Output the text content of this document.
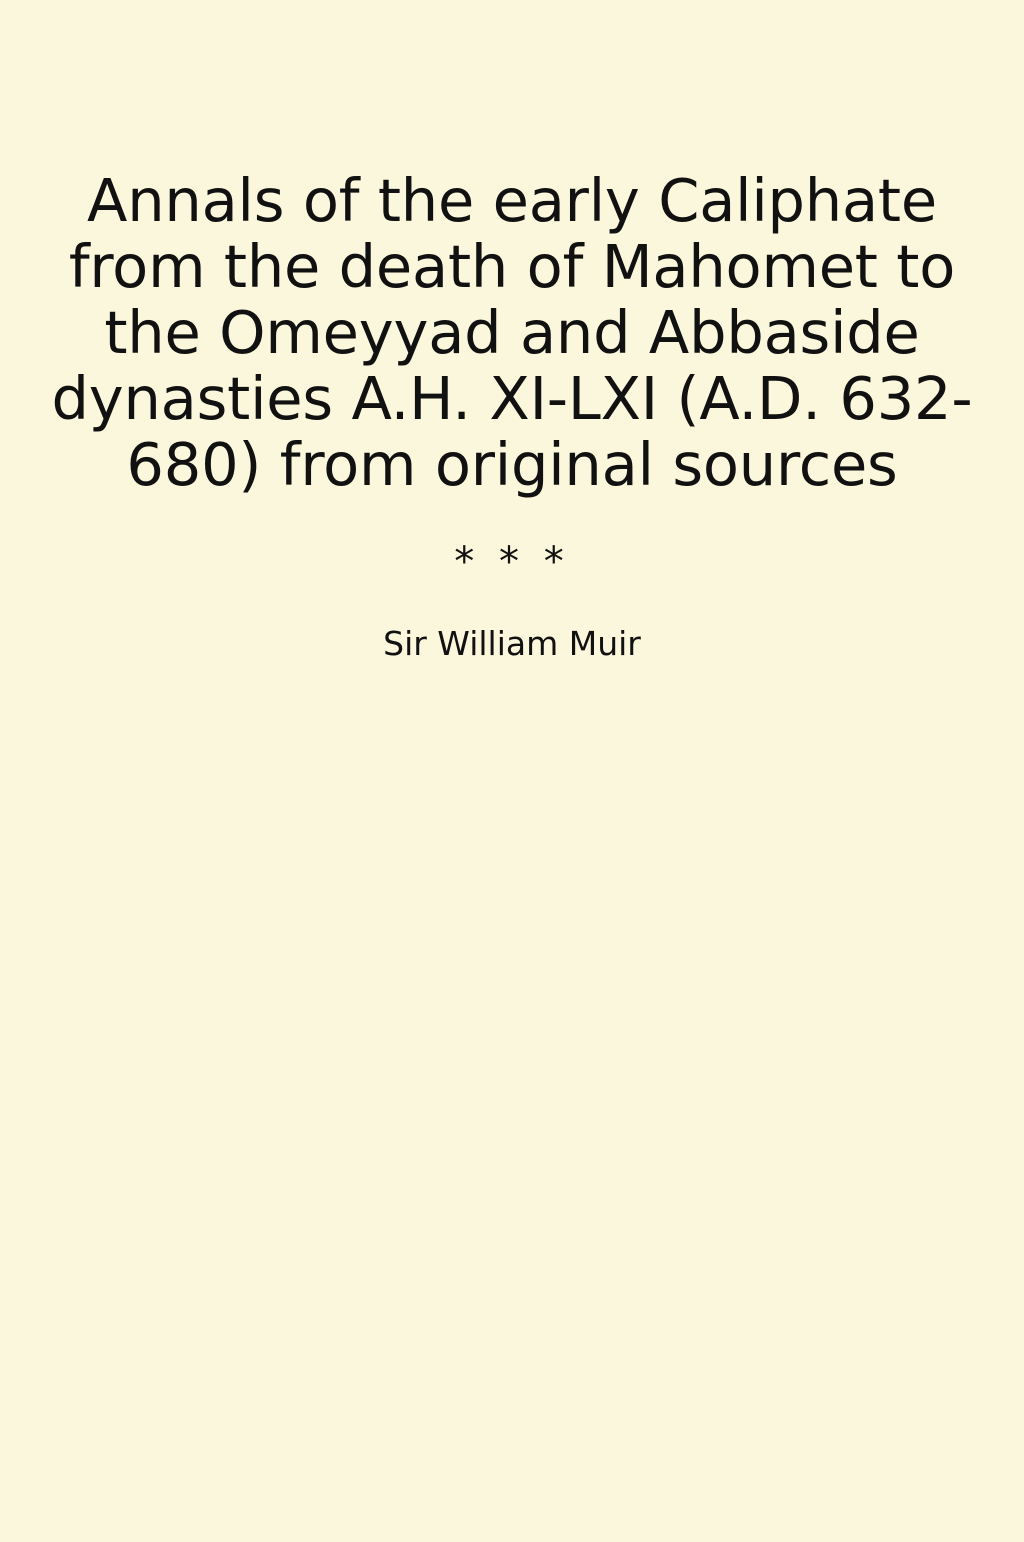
Annals of the early Caliphate from the death of Mahomet to the Omeyyad and Abbaside dynasties A.H. XI-LXI (A.D. 632-680) from original sources
* * *
Sir William Muir
